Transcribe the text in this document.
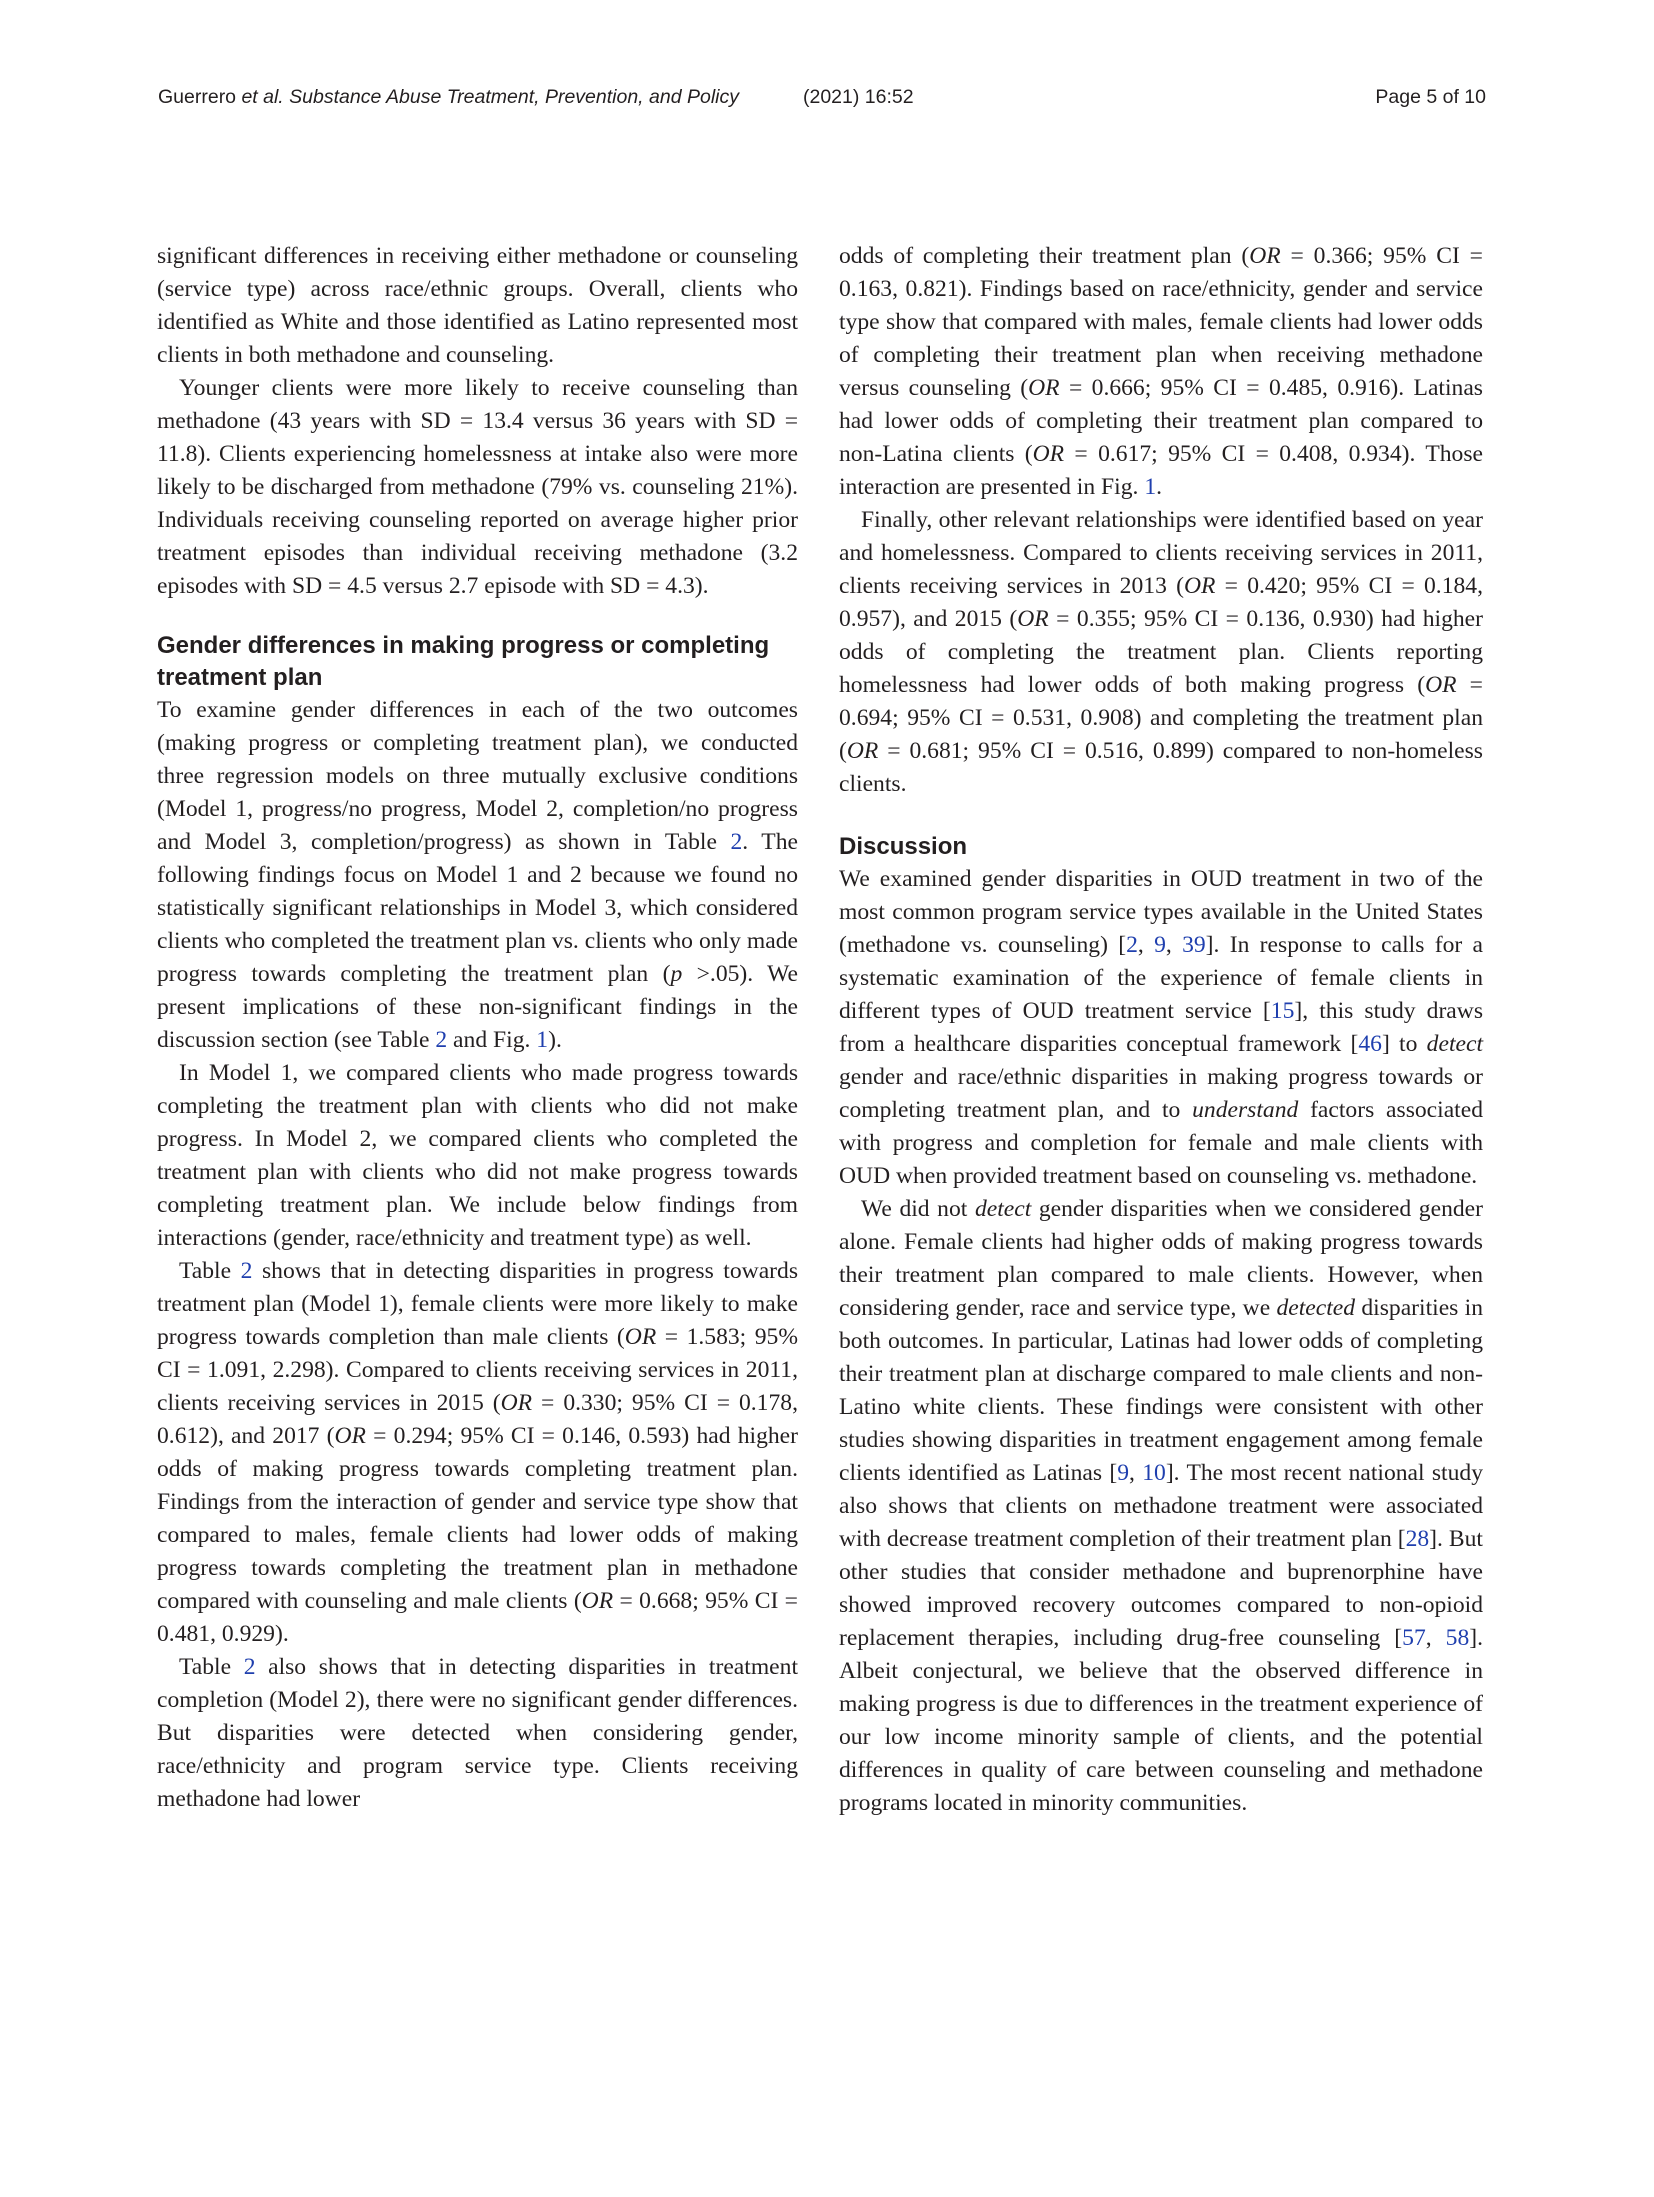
Guerrero et al. Substance Abuse Treatment, Prevention, and Policy	(2021) 16:52	Page 5 of 10

significant differences in receiving either methadone or counseling (service type) across race/ethnic groups. Overall, clients who identified as White and those identified as Latino represented most clients in both methadone and counseling.

Younger clients were more likely to receive counseling than methadone (43 years with SD = 13.4 versus 36 years with SD = 11.8). Clients experiencing homelessness at intake also were more likely to be discharged from methadone (79% vs. counseling 21%). Individuals receiving counseling reported on average higher prior treatment episodes than individual receiving methadone (3.2 episodes with SD = 4.5 versus 2.7 episode with SD = 4.3).

Gender differences in making progress or completing treatment plan

To examine gender differences in each of the two outcomes (making progress or completing treatment plan), we conducted three regression models on three mutually exclusive conditions (Model 1, progress/no progress, Model 2, completion/no progress and Model 3, completion/progress) as shown in Table 2. The following findings focus on Model 1 and 2 because we found no statistically significant relationships in Model 3, which considered clients who completed the treatment plan vs. clients who only made progress towards completing the treatment plan (p >.05). We present implications of these non-significant findings in the discussion section (see Table 2 and Fig. 1).

In Model 1, we compared clients who made progress towards completing the treatment plan with clients who did not make progress. In Model 2, we compared clients who completed the treatment plan with clients who did not make progress towards completing treatment plan. We include below findings from interactions (gender, race/ethnicity and treatment type) as well.

Table 2 shows that in detecting disparities in progress towards treatment plan (Model 1), female clients were more likely to make progress towards completion than male clients (OR = 1.583; 95% CI = 1.091, 2.298). Compared to clients receiving services in 2011, clients receiving services in 2015 (OR = 0.330; 95% CI = 0.178, 0.612), and 2017 (OR = 0.294; 95% CI = 0.146, 0.593) had higher odds of making progress towards completing treatment plan. Findings from the interaction of gender and service type show that compared to males, female clients had lower odds of making progress towards completing the treatment plan in methadone compared with counseling and male clients (OR = 0.668; 95% CI = 0.481, 0.929).

Table 2 also shows that in detecting disparities in treatment completion (Model 2), there were no significant gender differences. But disparities were detected when considering gender, race/ethnicity and program service type. Clients receiving methadone had lower

odds of completing their treatment plan (OR = 0.366; 95% CI = 0.163, 0.821). Findings based on race/ethnicity, gender and service type show that compared with males, female clients had lower odds of completing their treatment plan when receiving methadone versus counseling (OR = 0.666; 95% CI = 0.485, 0.916). Latinas had lower odds of completing their treatment plan compared to non-Latina clients (OR = 0.617; 95% CI = 0.408, 0.934). Those interaction are presented in Fig. 1.

Finally, other relevant relationships were identified based on year and homelessness. Compared to clients receiving services in 2011, clients receiving services in 2013 (OR = 0.420; 95% CI = 0.184, 0.957), and 2015 (OR = 0.355; 95% CI = 0.136, 0.930) had higher odds of completing the treatment plan. Clients reporting homelessness had lower odds of both making progress (OR = 0.694; 95% CI = 0.531, 0.908) and completing the treatment plan (OR = 0.681; 95% CI = 0.516, 0.899) compared to non-homeless clients.

Discussion

We examined gender disparities in OUD treatment in two of the most common program service types available in the United States (methadone vs. counseling) [2, 9, 39]. In response to calls for a systematic examination of the experience of female clients in different types of OUD treatment service [15], this study draws from a healthcare disparities conceptual framework [46] to detect gender and race/ethnic disparities in making progress towards or completing treatment plan, and to understand factors associated with progress and completion for female and male clients with OUD when provided treatment based on counseling vs. methadone.

We did not detect gender disparities when we considered gender alone. Female clients had higher odds of making progress towards their treatment plan compared to male clients. However, when considering gender, race and service type, we detected disparities in both outcomes. In particular, Latinas had lower odds of completing their treatment plan at discharge compared to male clients and non-Latino white clients. These findings were consistent with other studies showing disparities in treatment engagement among female clients identified as Latinas [9, 10]. The most recent national study also shows that clients on methadone treatment were associated with decrease treatment completion of their treatment plan [28]. But other studies that consider methadone and buprenorphine have showed improved recovery outcomes compared to non-opioid replacement therapies, including drug-free counseling [57, 58]. Albeit conjectural, we believe that the observed difference in making progress is due to differences in the treatment experience of our low income minority sample of clients, and the potential differences in quality of care between counseling and methadone programs located in minority communities.
